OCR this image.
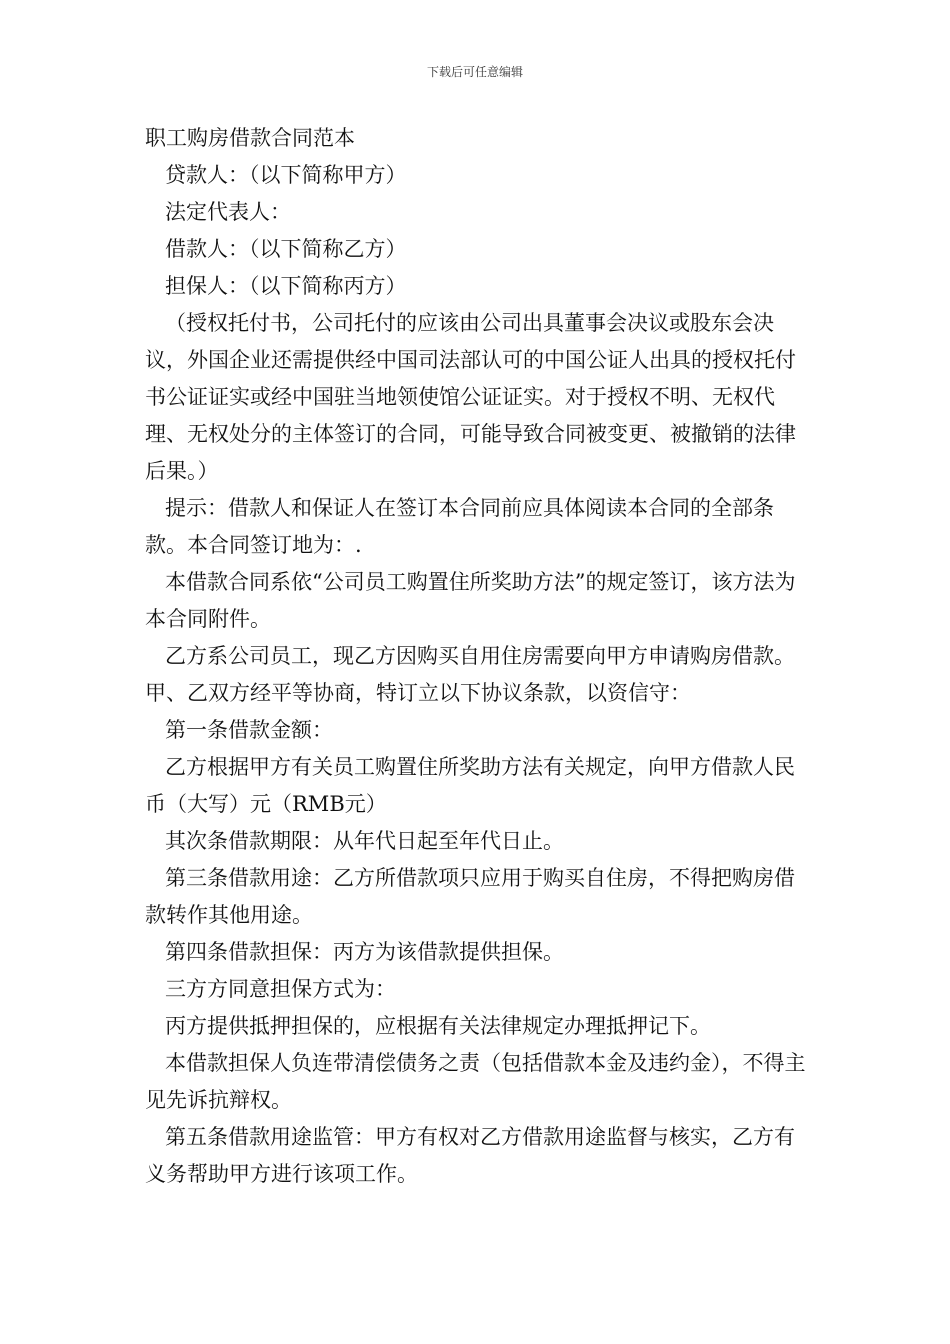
下载后可任意编辑
职工购房借款合同范本

贷款人：（以下简称甲方）

法定代表人：

借款人：（以下简称乙方）

担保人：（以下简称丙方）

（授权托付书，公司托付的应该由公司出具董事会决议或股东会决议，外国企业还需提供经中国司法部认可的中国公证人出具的授权托付书公证证实或经中国驻当地领使馆公证证实。对于授权不明、无权代理、无权处分的主体签订的合同，可能导致合同被变更、被撤销的法律后果。）

提示：借款人和保证人在签订本合同前应具体阅读本合同的全部条款。本合同签订地为：.

本借款合同系依“公司员工购置住所奖助方法”的规定签订，该方法为本合同附件。

乙方系公司员工，现乙方因购买自用住房需要向甲方申请购房借款。甲、乙双方经平等协商，特订立以下协议条款，以资信守：

第一条借款金额：

乙方根据甲方有关员工购置住所奖助方法有关规定，向甲方借款人民币（大写）元（RMB元）

其次条借款期限：从年代日起至年代日止。

第三条借款用途：乙方所借款项只应用于购买自住房，不得把购房借款转作其他用途。

第四条借款担保：丙方为该借款提供担保。

三方方同意担保方式为：

丙方提供抵押担保的，应根据有关法律规定办理抵押记下。

本借款担保人负连带清偿债务之责（包括借款本金及违约金），不得主见先诉抗辩权。

第五条借款用途监管：甲方有权对乙方借款用途监督与核实，乙方有义务帮助甲方进行该项工作。
